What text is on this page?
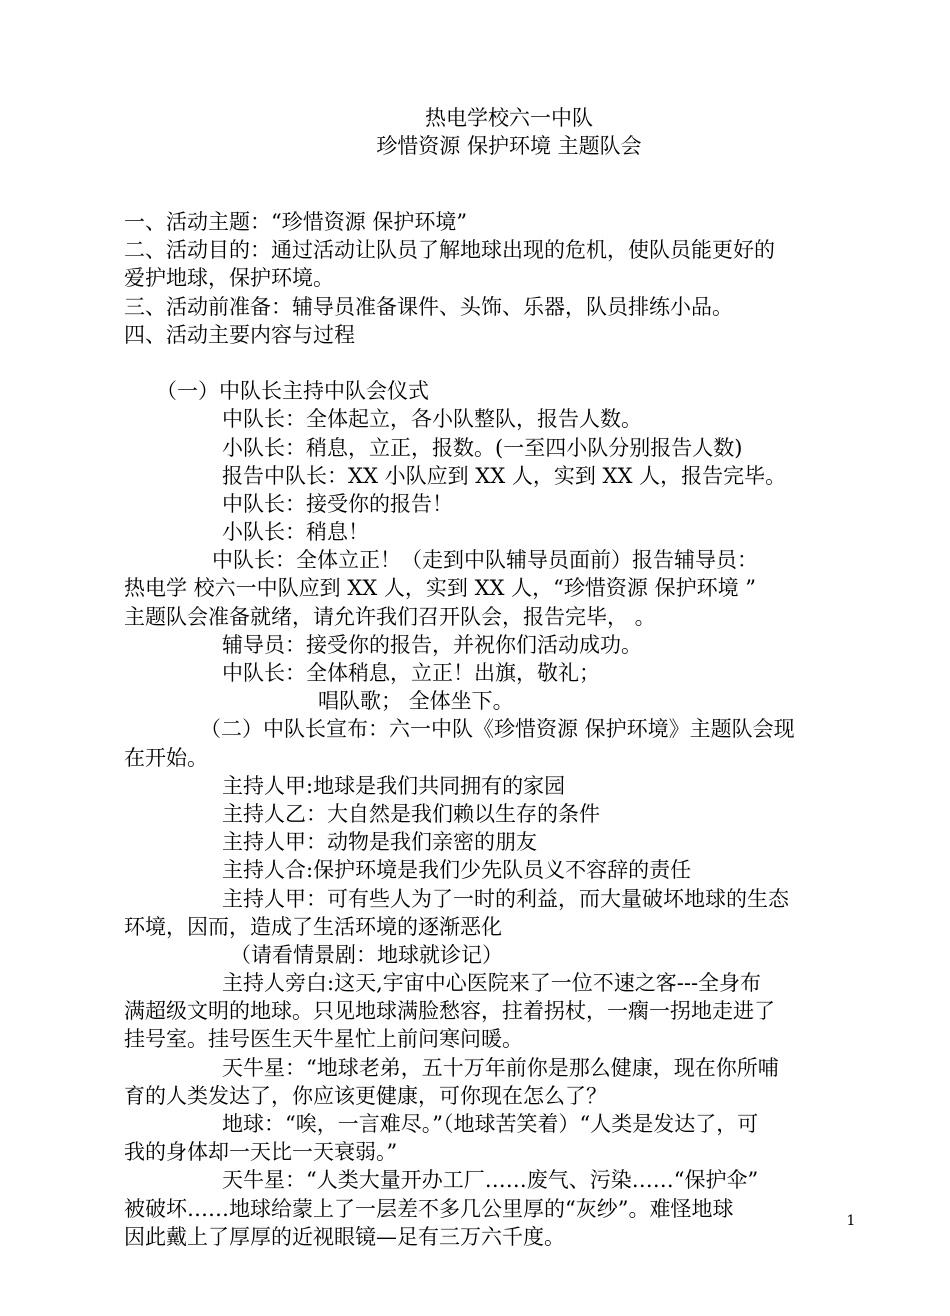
热电学校六一中队
珍惜资源 保护环境 主题队会
一、活动主题：“珍惜资源 保护环境”
二、活动目的：通过活动让队员了解地球出现的危机，使队员能更好的
爱护地球，保护环境。
三、活动前准备：辅导员准备课件、头饰、乐器，队员排练小品。
四、活动主要内容与过程
（一）中队长主持中队会仪式
中队长：全体起立，各小队整队，报告人数。
小队长：稍息，立正，报数。(一至四小队分别报告人数)
报告中队长：XX 小队应到 XX 人，实到 XX 人，报告完毕。
中队长：接受你的报告！
小队长：稍息！
中队长：全体立正！（走到中队辅导员面前）报告辅导员：
热电学 校六一中队应到 XX 人，实到 XX 人，“珍惜资源 保护环境 ”
主题队会准备就绪，请允许我们召开队会，报告完毕， 。
辅导员：接受你的报告，并祝你们活动成功。
中队长：全体稍息，立正！出旗，敬礼；
唱队歌； 全体坐下。
（二）中队长宣布：六一中队《珍惜资源 保护环境》主题队会现
在开始。
主持人甲:地球是我们共同拥有的家园
主持人乙：大自然是我们赖以生存的条件
主持人甲：动物是我们亲密的朋友
主持人合:保护环境是我们少先队员义不容辞的责任
主持人甲：可有些人为了一时的利益，而大量破坏地球的生态
环境，因而，造成了生活环境的逐渐恶化
（请看情景剧：地球就诊记）
主持人旁白:这天,宇宙中心医院来了一位不速之客---全身布
满超级文明的地球。只见地球满脸愁容，拄着拐杖，一瘸一拐地走进了
挂号室。挂号医生天牛星忙上前问寒问暖。
天牛星：“地球老弟，五十万年前你是那么健康，现在你所哺
育的人类发达了，你应该更健康，可你现在怎么了？
地球：“唉，一言难尽。”（地球苦笑着）“人类是发达了，可
我的身体却一天比一天衰弱。”
天牛星：“人类大量开办工厂……废气、污染……“保护伞”
被破坏……地球给蒙上了一层差不多几公里厚的“灰纱”。难怪地球
因此戴上了厚厚的近视眼镜—足有三万六千度。
1
